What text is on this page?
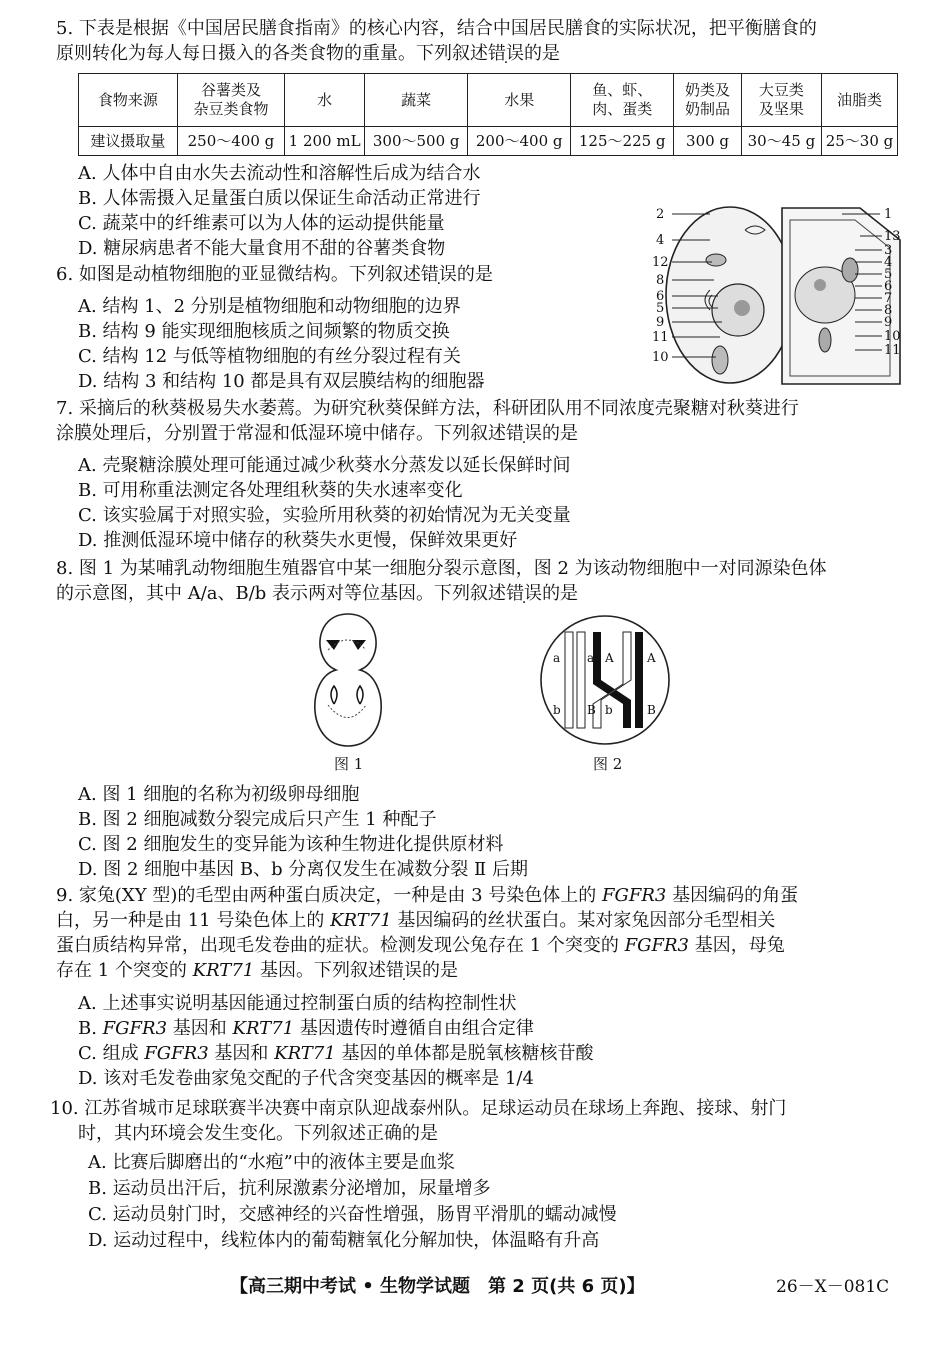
5. 下表是根据《中国居民膳食指南》的核心内容，结合中国居民膳食的实际状况，把平衡膳食的
原则转化为每人每日摄入的各类食物的重量。下列叙述错误的是
食物来源	谷薯类及
杂豆类食物	水	蔬菜	水果	鱼、虾、
肉、蛋类	奶类及
奶制品	大豆类
及坚果	油脂类
建议摄取量	250～400 g	1 200 mL	300～500 g	200～400 g	125～225 g	300 g	30～45 g	25～30 g
A. 人体中自由水失去流动性和溶解性后成为结合水
B. 人体需摄入足量蛋白质以保证生命活动正常进行
C. 蔬菜中的纤维素可以为人体的运动提供能量
D. 糖尿病患者不能大量食用不甜的谷薯类食物
6. 如图是动植物细胞的亚显微结构。下列叙述错误的是
A. 结构 1、2 分别是植物细胞和动物细胞的边界
B. 结构 9 能实现细胞核质之间频繁的物质交换
C. 结构 12 与低等植物细胞的有丝分裂过程有关
D. 结构 3 和结构 10 都是具有双层膜结构的细胞器
2
4
12
8
6
5
9
11
10
1
13
3
4
5
6
7
8
9
10
11
7. 采摘后的秋葵极易失水萎蔫。为研究秋葵保鲜方法，科研团队用不同浓度壳聚糖对秋葵进行
涂膜处理后，分别置于常湿和低湿环境中储存。下列叙述错误的是
A. 壳聚糖涂膜处理可能通过减少秋葵水分蒸发以延长保鲜时间
B. 可用称重法测定各处理组秋葵的失水速率变化
C. 该实验属于对照实验，实验所用秋葵的初始情况为无关变量
D. 推测低湿环境中储存的秋葵失水更慢，保鲜效果更好
8. 图 1 为某哺乳动物细胞生殖器官中某一细胞分裂示意图，图 2 为该动物细胞中一对同源染色体
的示意图，其中 A/a、B/b 表示两对等位基因。下列叙述错误的是
图 1
a a A	A
b B b	B
图 2
A. 图 1 细胞的名称为初级卵母细胞
B. 图 2 细胞减数分裂完成后只产生 1 种配子
C. 图 2 细胞发生的变异能为该种生物进化提供原材料
D. 图 2 细胞中基因 B、b 分离仅发生在减数分裂 Ⅱ 后期
9. 家兔(XY 型)的毛型由两种蛋白质决定，一种是由 3 号染色体上的 FGFR3 基因编码的角蛋
白，另一种是由 11 号染色体上的 KRT71 基因编码的丝状蛋白。某对家兔因部分毛型相关
蛋白质结构异常，出现毛发卷曲的症状。检测发现公兔存在 1 个突变的 FGFR3 基因，母兔
存在 1 个突变的 KRT71 基因。下列叙述错误的是
A. 上述事实说明基因能通过控制蛋白质的结构控制性状
B. FGFR3 基因和 KRT71 基因遗传时遵循自由组合定律
C. 组成 FGFR3 基因和 KRT71 基因的单体都是脱氧核糖核苷酸
D. 该对毛发卷曲家兔交配的子代含突变基因的概率是 1/4
10. 江苏省城市足球联赛半决赛中南京队迎战泰州队。足球运动员在球场上奔跑、接球、射门
时，其内环境会发生变化。下列叙述正确的是
A. 比赛后脚磨出的“水疱”中的液体主要是血浆
B. 运动员出汗后，抗利尿激素分泌增加，尿量增多
C. 运动员射门时，交感神经的兴奋性增强，肠胃平滑肌的蠕动减慢
D. 运动过程中，线粒体内的葡萄糖氧化分解加快，体温略有升高
【高三期中考试 • 生物学试题　第 2 页(共 6 页)】	26－X－081C
